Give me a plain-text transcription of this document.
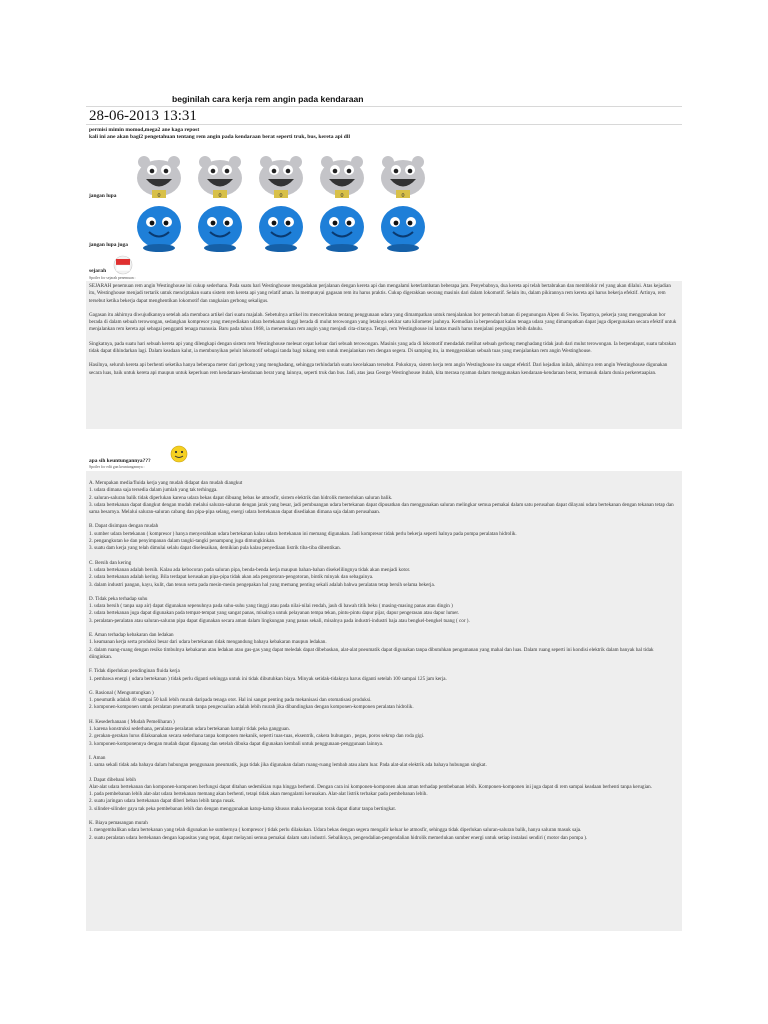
beginilah cara kerja rem angin pada kendaraan
28-06-2013 13:31
permisi mimin momod,mega2 ane kaga repost
kali ini ane akan bagi2 pengetahuan tentang rem angin pada kendaraan berat seperti truk, bus, kereta api dll
0	0	0	0	0
jangan lupa
jangan lupa juga
sejarah
Spoiler for sejarah penemuan :

SEJARAH penemuan rem angin Westinghouse ini cukup sederhana. Pada suatu hari Westinghouse mengadakan perjalanan dengan kereta api dan mengalami keterlambatan beberapa jam. Penyebabnya, dua kereta api telah bertabrakan dan memblokir rel yang akan dilalui. Atas kejadian itu, Westinghouse menjadi tertarik untuk menciptakan suatu sistem rem kereta api yang relatif aman. Ia mempunyai gagasan rem itu harus praktis. Cukup digerakkan seorang masinis dari dalam lokomotif. Selain itu, dalam pikirannya rem kereta api harus bekerja efektif. Artinya, rem tersebut ketika bekerja dapat menghentikan lokomotif dan rangkaian gerbong sekaligus.

Gagasan itu akhirnya diwujudkannya setelah ada membaca artikel dari suatu majalah. Sebetulnya artikel itu menceritakan tentang penggunaan udara yang dimampatkan untuk menjalankan bor pemecah batuan di pegunungan Alpen di Swiss. Tepatnya, pekerja yang menggunakan bor berada di dalam sebuah terowongan, sedangkan kompresor yang menyediakan udara bertekanan tinggi berada di mulut terowongan yang letaknya sekitar satu kilometer jauhnya. Kemudian ia berpendapat kalau tenaga udara yang dimampatkan dapat juga dipergunakan secara efektif untuk menjalankan rem kereta api sebagai pengganti tenaga manusia. Baru pada tahun 1868, ia menemukan rem angin yang menjadi cita-citanya. Tetapi, rem Westinghouse ini lantas masih harus menjalani pengujian lebih dahulu.

Singkatnya, pada suatu hari sebuah kereta api yang dilengkapi dengan sistem rem Westinghouse melesat cepat keluar dari sebuah terowongan. Masinis yang ada di lokomotif mendadak melihat sebuah gerbong menghadang tidak jauh dari mulut terowongan. Ia berpendapat, suatu tabrakan tidak dapat dihindarkan lagi. Dalam keadaan kalut, ia membunyikan peluit lokomotif sebagai tanda bagi tukang rem untuk menjalankan rem dengan segera. Di samping itu, ia menggerakkan sebuah tuas yang menjalankan rem angin Westinghouse.

Hasilnya, seluruh kereta api berhenti seketika hanya beberapa meter dari gerbong yang menghadang, sehingga terhindarlah suatu kecelakaan tersebut. Pokoknya, sistem kerja rem angin Westinghouse itu sangat efektif. Dari kejadian inilah, akhirnya rem angin Westinghouse digunakan secara luas, baik untuk kereta api maupun untuk keperluan rem kendaraan-kendaraan berat yang lainnya, seperti truk dan bus. Jadi, atas jasa George Westinghouse itulah, kita merasa nyaman dalam menggunakan kendaraan-kendaraan berat, termasuk dalam dunia perkeretaapian.

apa sih keuntungannya???
Spoiler for edit gan keuntungannya :
A. Merupakan media/fluida kerja yang mudah didapat dan mudah diangkut
1. udara dimana saja tersedia dalam jumlah yang tak terhingga.
2. saluran-saluran balik tidak diperlukan karena udara bekas dapat dibuang bebas ke atmosfir, sistem elektrik dan hidrolik memerlukan saluran balik.
3. udara bertekanan dapat diangkut dengan mudah melalui saluran-saluran dengan jarak yang besar, jadi pembuangan udara bertekanan dapat dipusatkan dan menggunakan saluran melingkar semua pemakai dalam satu perusahan dapat dilayani udara bertekanan dengan tekanan tetap dan sama besarnya. Melalui saluran-saluran cabang dan pipa-pipa selang, energi udara bertekanan dapat disediakan dimana saja dalam perusahaan.
B. Dapat disimpan dengan mudah
1. sumber udara bertekanan ( kompresor ) hanya menyerahkan udara bertekanan kalau udara bertekanan ini memang digunakan. Jadi kompresor tidak perlu bekerja seperti halnya pada pompa peralatan hidrolik.
2. pengangkutan ke dan penyimpanan dalam tangki-tangki penampung juga dimungkinkan.
3. suatu dam kerja yang telah dimulai selalu dapat diselesaikan, demikian pula kalau penyediaan listrik tiba-tiba dihentikan.
C. Bersih dan kering
1. udara bertekanan adalah bersih. Kalau ada kebocoran pada saluran pipa, benda-benda kerja maupun bahan-bahan disekelilingnya tidak akan menjadi kotor.
2. udara bertekanan adalah kering. Bila terdapat kerusakan pipa-pipa tidak akan ada pengotoran-pengotoran, bintik minyak dan sebagainya.
3. dalam industri pangan, kayu, kulit, dan tenun serta pada mesin-mesin pengepakan hal yang memang penting sekali adalah bahwa peralatan tetap bersih selama bekerja.
D. Tidak peka terhadap suhu
1. udara bersih ( tanpa uap air) dapat digunakan sepenuhnya pada suhu-suhu yang tinggi atau pada nilai-nilai rendah, jauh di bawah titik beku ( masing-masing panas atau dingin )
2. udara bertekanan juga dapat digunakan pada tempat-tempat yang sangat panas, misalnya untuk pelayanan tempa tekan, pintu-pintu dapur pijar, dapur pengerasan atau dapur lumer.
3. peralatan-peralatan atau saluran-saluran pipa dapat digunakan secara aman dalam lingkungan yang panas sekali, misalnya pada industri-industri baja atau bengkel-bengkel tuang ( cor ).
E. Aman terhadap kebakaran dan ledakan
1. keamanan kerja serta produksi besar dari udara bertekanan tidak mengandung bahaya kebakaran maupun ledakan.
2. dalam ruang-ruang dengan resiko timbulnya kebakaran atau ledakan atau gas-gas yang dapat meledak dapat dibebaskan, alat-alat pneumatik dapat digunakan tanpa dibutuhkan pengamanan yang mahal dan luas. Dalam ruang seperti ini kondisi elektrik dalam banyak hal tidak diinginkan.
F. Tidak diperlukan pendinginan fluida kerja
1. pembawa energi ( udara bertekanan ) tidak perlu diganti sehingga untuk ini tidak dibutuhkan biaya. Minyak setidak-tidaknya harus diganti setelah 100 sampai 125 jam kerja.
G. Rasional ( Menguntungkan )
1. pneumatik adalah 40 sampai 50 kali lebih murah daripada tenaga otot. Hal ini sangat penting pada mekanisasi dan otomatisasi produksi.
2. komponen-komponen untuk peralatan pneumatik tanpa pengecualian adalah lebih murah jika dibandingkan dengan komponen-komponen peralatan hidrolik.
H. Kesederhanaan ( Mudah Pemeliharan )
1. karena konstruksi sederhana, peralatan-peralatan udara bertekanan hampir tidak peka gangguan.
2. gerakan-gerakan lurus dilaksanakan secara sederhana tanpa komponen mekanik, seperti tuas-tuas, eksentrik, cakera bubungan , pegas, poros sekrup dan roda gigi.
3. komponen-komponennya dengan mudah dapat dipasang dan setelah dibuka dapat digunakan kembali untuk penggunaan-penggunaan lainnya.
I. Aman
1. sama sekali tidak ada bahaya dalam hubungan penggunaan pneumatik, juga tidak jika digunakan dalam ruang-ruang lembab atau alam luar. Pada alat-alat elektrik ada bahaya hubungan singkat.
J. Dapat dibebani lebih
Alat-alat udara bertekanan dan komponen-komponen berfungsi dapat ditahan sedemikian rupa hingga berhenti. Dengan cara ini komponen-komponen akan aman terhadap pembebanan lebih. Komponen-komponen ini juga dapat di rem sampai keadaan berhenti tanpa kerugian.
1. pada pembebanan lebih alat-alat udara bertekanan memang akan berhenti, tetapi tidak akan mengalami kerusakan. Alat-alat listrik terbakar pada pembebanan lebih.
2. suatu jaringan udara bertekanan dapat diberi beban lebih tanpa rusak.
3. silinder-silinder gaya tak peka pembebanan lebih dan dengan menggunakan katup-katup khusus maka kecepatan torak dapat diatur tanpa bertingkat.
K. Biaya pemasangan murah
1. mengembalikan udara bertekanan yang telah digunakan ke sumbernya ( kompresor ) tidak perlu dilakukan. Udara bekas dengan segera mengalir keluar ke atmosfir, sehingga tidak diperlukan saluran-saluran balik, hanya saluran masuk saja.
2. suatu peralatan udara bertekanan dengan kapasitas yang tepat, dapat melayani semua pemakai dalam satu industri. Sebaliknya, pengendalian-pengendalian hidrolik memerlukan sumber energi untuk setiap instalasi sendiri ( motor dan pompa ).
